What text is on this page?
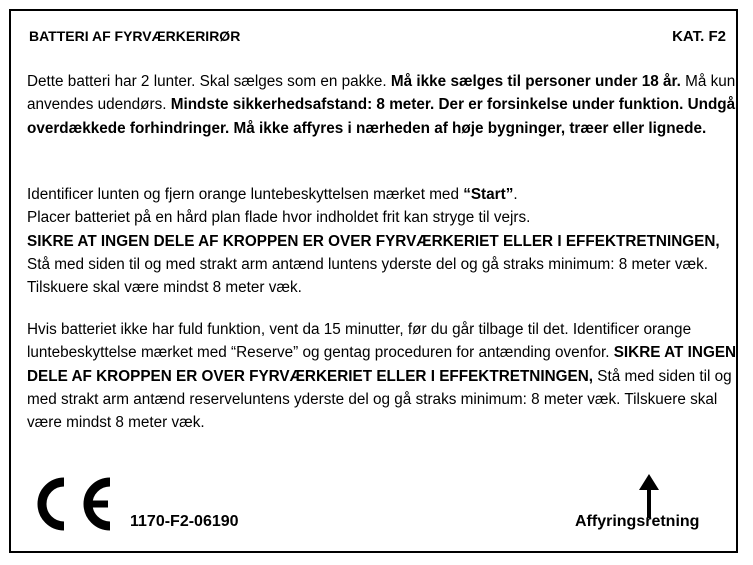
BATTERI AF FYRVÆRKERIRØR	KAT. F2
Dette batteri har 2 lunter. Skal sælges som en pakke. Må ikke sælges til personer under 18 år. Må kun anvendes udendørs. Mindste sikkerhedsafstand: 8 meter. Der er forsinkelse under funktion. Undgå overdækkede forhindringer. Må ikke affyres i nærheden af høje bygninger, træer eller lignede.
Identificer lunten og fjern orange luntebeskyttelsen mærket med “Start”.
Placer batteriet på en hård plan flade hvor indholdet frit kan stryge til vejrs.
SIKRE AT INGEN DELE AF KROPPEN ER OVER FYRVÆRKERIET ELLER I EFFEKTRETNINGEN, Stå med siden til og med strakt arm antænd luntens yderste del og gå straks minimum: 8 meter væk. Tilskuere skal være mindst 8 meter væk.
Hvis batteriet ikke har fuld funktion, vent da 15 minutter, før du går tilbage til det. Identificer orange luntebeskyttelse mærket med “Reserve” og gentag proceduren for antænding ovenfor. SIKRE AT INGEN DELE AF KROPPEN ER OVER FYRVÆRKERIET ELLER I EFFEKTRETNINGEN, Stå med siden til og med strakt arm antænd reserveluntens yderste del og gå straks minimum: 8 meter væk. Tilskuere skal være mindst 8 meter væk.
1170-F2-06190	Affyringsretning
